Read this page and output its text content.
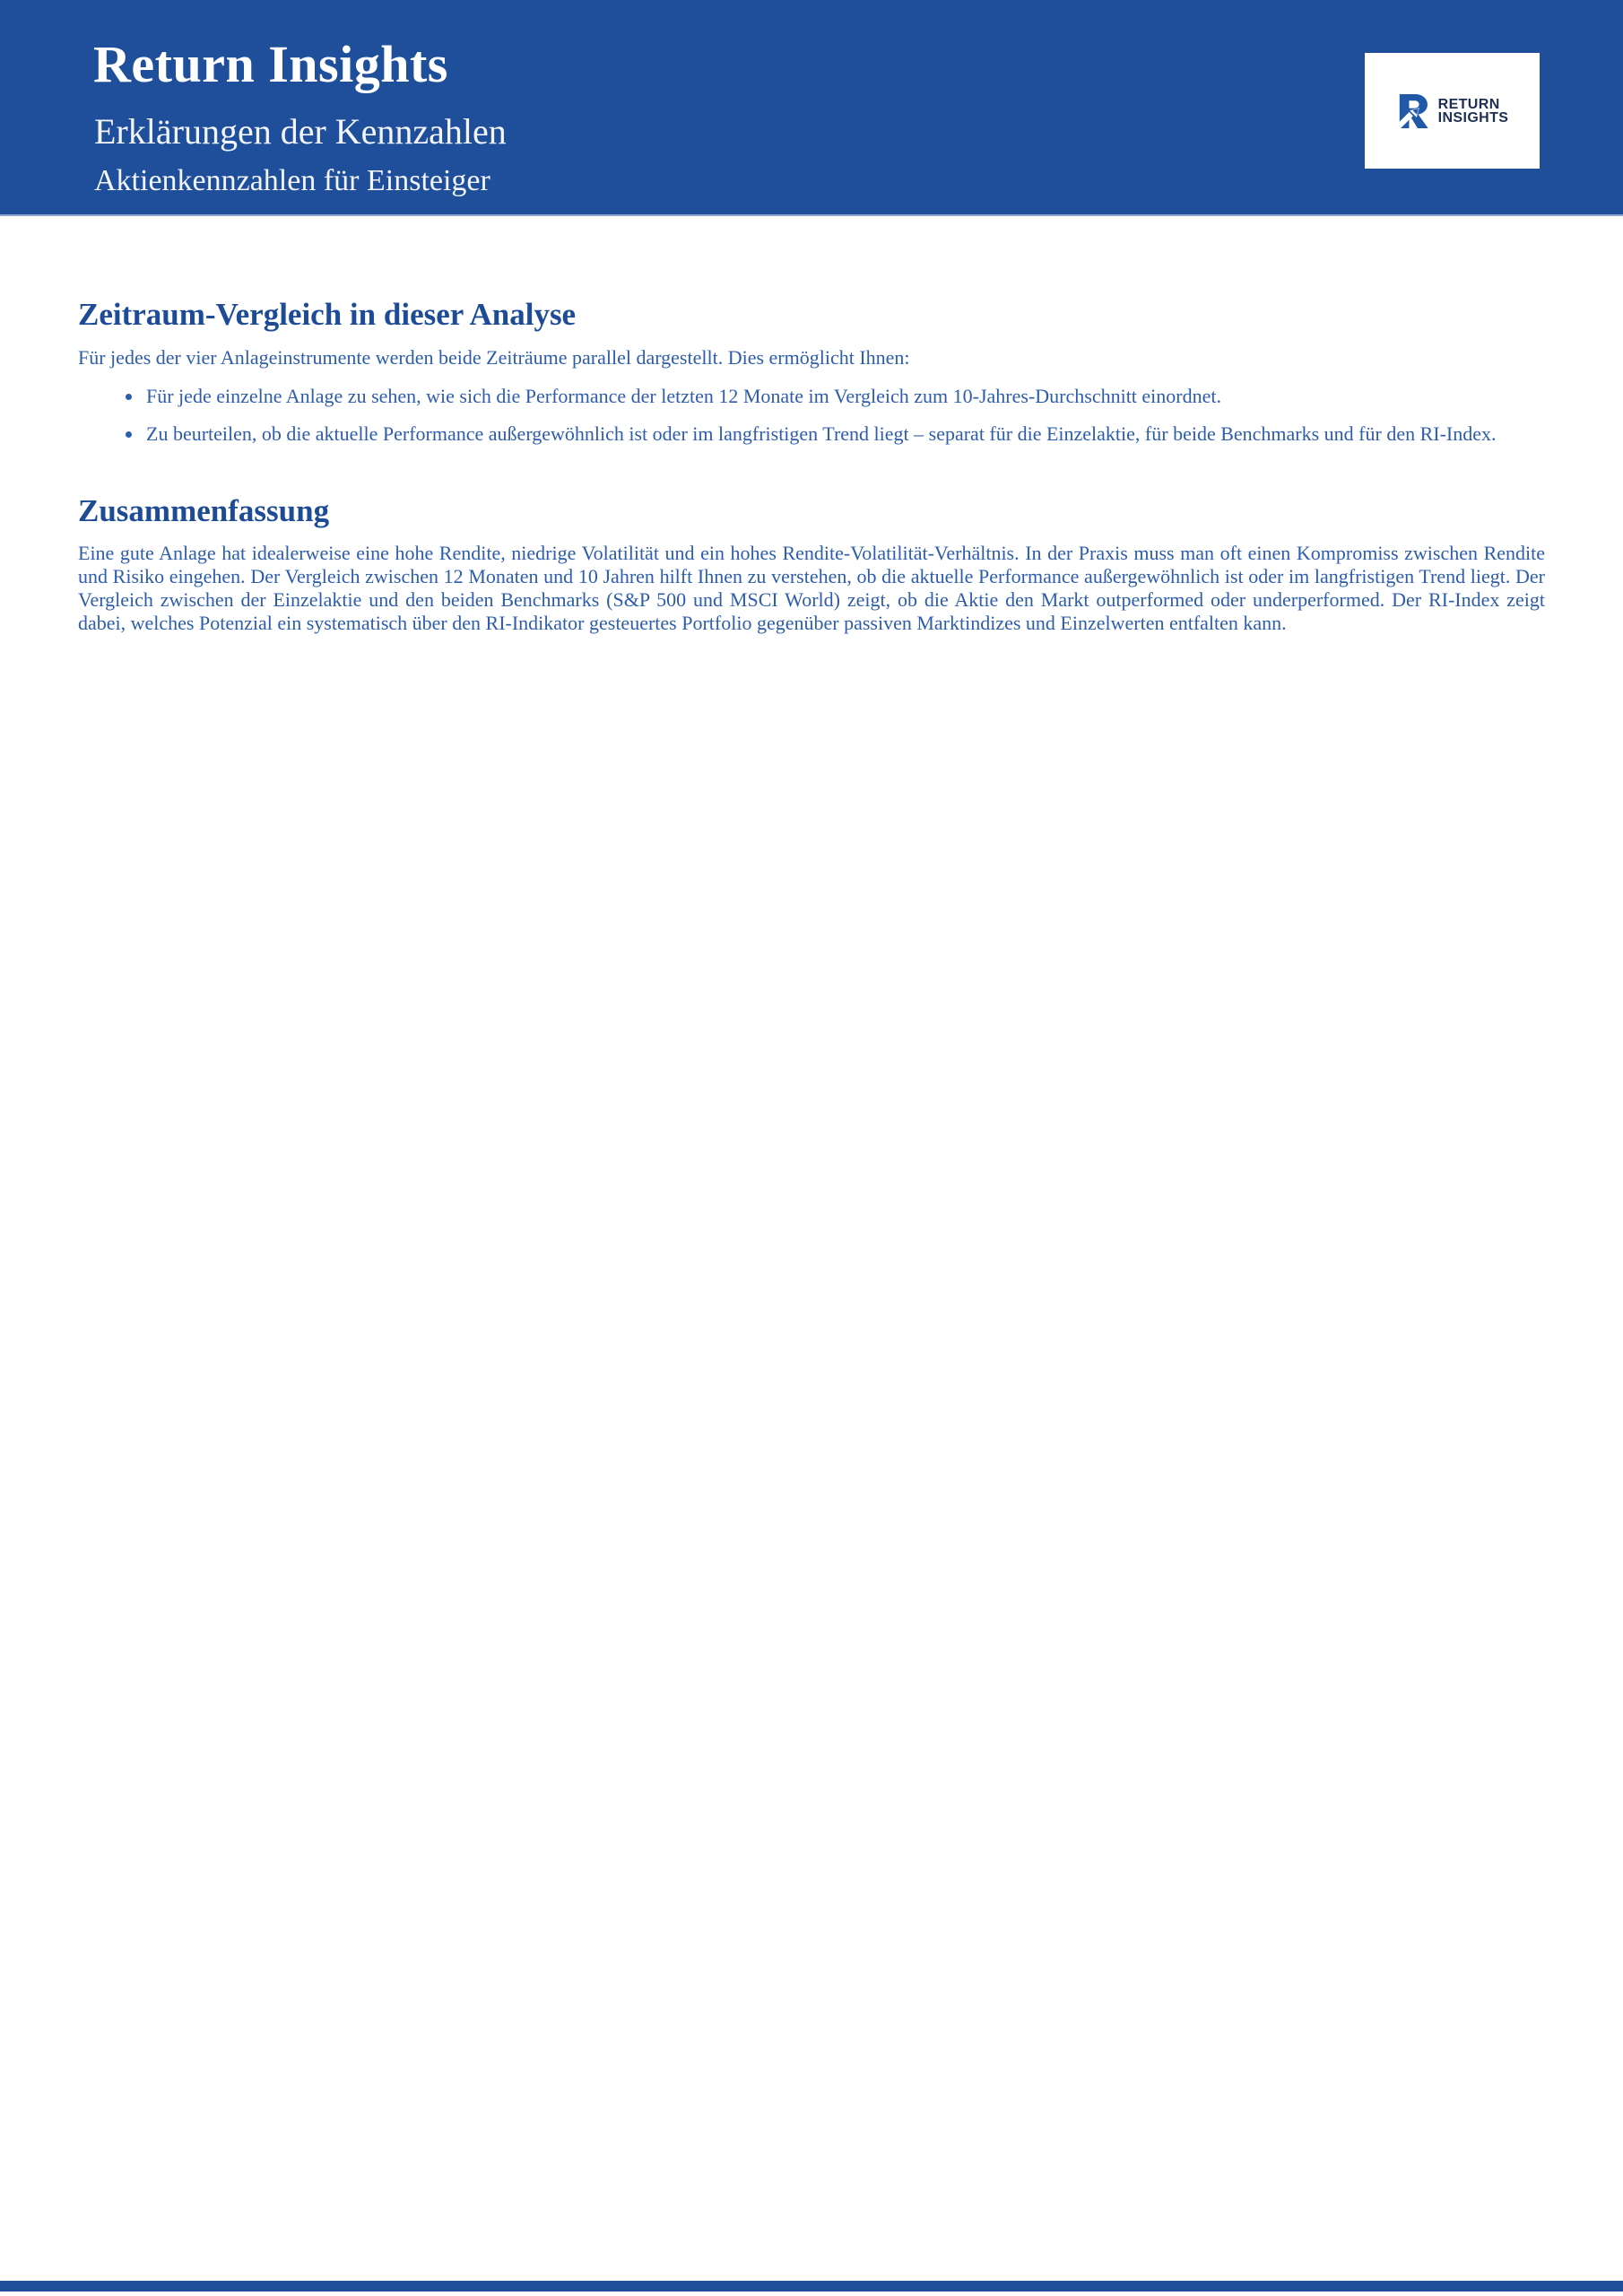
Return Insights
Erklärungen der Kennzahlen
Aktienkennzahlen für Einsteiger
RETURN
INSIGHTS
Zeitraum-Vergleich in dieser Analyse

Für jedes der vier Anlageinstrumente werden beide Zeiträume parallel dargestellt. Dies ermöglicht Ihnen:

Für jede einzelne Anlage zu sehen, wie sich die Performance der letzten 12 Monate im Vergleich zum 10-Jahres-Durchschnitt einordnet.
Zu beurteilen, ob die aktuelle Performance außergewöhnlich ist oder im langfristigen Trend liegt – separat für die Einzelaktie, für beide Benchmarks und für den RI-Index.
Zusammenfassung

Eine gute Anlage hat idealerweise eine hohe Rendite, niedrige Volatilität und ein hohes Rendite-Volatilität-Verhältnis. In der Praxis muss man oft einen Kompromiss zwischen Rendite und Risiko eingehen. Der Vergleich zwischen 12 Monaten und 10 Jahren hilft Ihnen zu verstehen, ob die aktuelle Performance außergewöhnlich ist oder im langfristigen Trend liegt. Der Vergleich zwischen der Einzelaktie und den beiden Benchmarks (S&P 500 und MSCI World) zeigt, ob die Aktie den Markt outperformed oder underperformed. Der RI-Index zeigt dabei, welches Potenzial ein systematisch über den RI-Indikator gesteuertes Portfolio gegenüber passiven Marktindizes und Einzelwerten entfalten kann.
